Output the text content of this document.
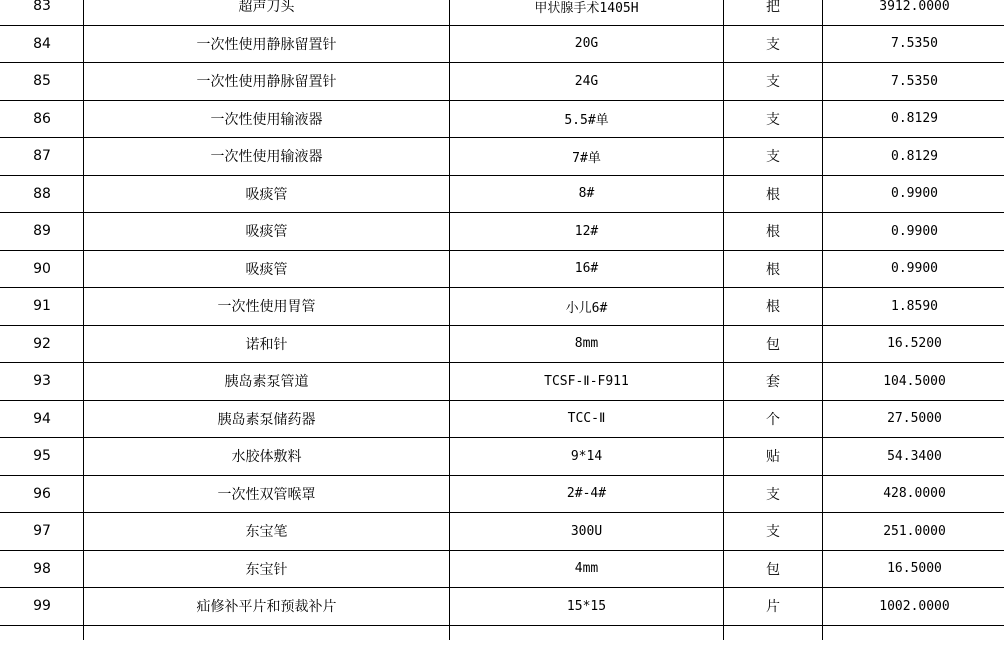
83	超声刀头	甲状腺手术1405H	把	3912.0000
84	一次性使用静脉留置针	20G	支	7.5350
85	一次性使用静脉留置针	24G	支	7.5350
86	一次性使用输液器	5.5#单	支	0.8129
87	一次性使用输液器	7#单	支	0.8129
88	吸痰管	8#	根	0.9900
89	吸痰管	12#	根	0.9900
90	吸痰管	16#	根	0.9900
91	一次性使用胃管	小儿6#	根	1.8590
92	诺和针	8mm	包	16.5200
93	胰岛素泵管道	TCSF-Ⅱ-F911	套	104.5000
94	胰岛素泵储药器	TCC-Ⅱ	个	27.5000
95	水胶体敷料	9*14	贴	54.3400
96	一次性双管喉罩	2#-4#	支	428.0000
97	东宝笔	300U	支	251.0000
98	东宝针	4mm	包	16.5000
99	疝修补平片和预裁补片	15*15	片	1002.0000
